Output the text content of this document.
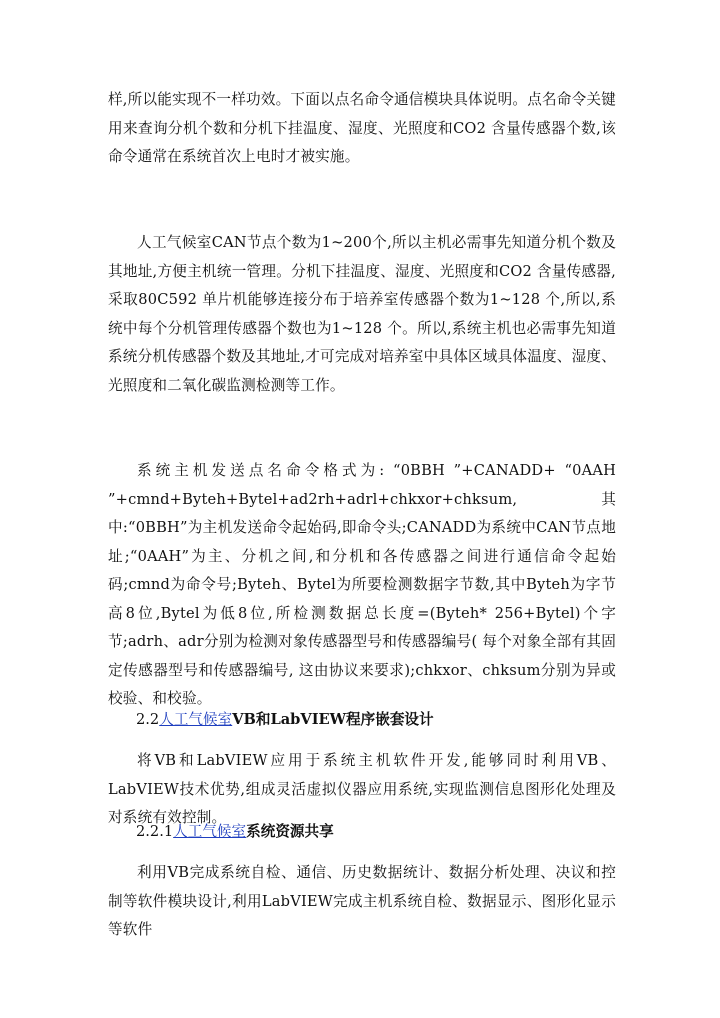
样,所以能实现不一样功效。下面以点名命令通信模块具体说明。点名命令关键用来查询分机个数和分机下挂温度、湿度、光照度和CO2 含量传感器个数,该命令通常在系统首次上电时才被实施。

人工气候室CAN节点个数为1~200个,所以主机必需事先知道分机个数及其地址,方便主机统一管理。分机下挂温度、湿度、光照度和CO2 含量传感器,采取80C592 单片机能够连接分布于培养室传感器个数为1~128 个,所以,系统中每个分机管理传感器个数也为1~128 个。所以,系统主机也必需事先知道系统分机传感器个数及其地址,才可完成对培养室中具体区域具体温度、湿度、光照度和二氧化碳监测检测等工作。

系统主机发送点名命令格式为: “0BBH ”+CANADD+ “0AAH ”+cmnd+Byteh+Bytel+ad2rh+adrl+chkxor+chksum,其中:“0BBH”为主机发送命令起始码,即命令头;CANADD为系统中CAN节点地址;“0AAH”为主、分机之间,和分机和各传感器之间进行通信命令起始码;cmnd为命令号;Byteh、Bytel为所要检测数据字节数,其中Byteh为字节高8位,Bytel为低8位,所检测数据总长度=(Byteh* 256+Bytel)个字节;adrh、adr分别为检测对象传感器型号和传感器编号( 每个对象全部有其固定传感器型号和传感器编号, 这由协议来要求);chkxor、chksum分别为异或校验、和校验。

2.2人工气候室VB和LabVIEW程序嵌套设计

将VB和LabVIEW应用于系统主机软件开发,能够同时利用VB、LabVIEW技术优势,组成灵活虚拟仪器应用系统,实现监测信息图形化处理及对系统有效控制。

2.2.1人工气候室系统资源共享

利用VB完成系统自检、通信、历史数据统计、数据分析处理、决议和控制等软件模块设计,利用LabVIEW完成主机系统自检、数据显示、图形化显示等软件
